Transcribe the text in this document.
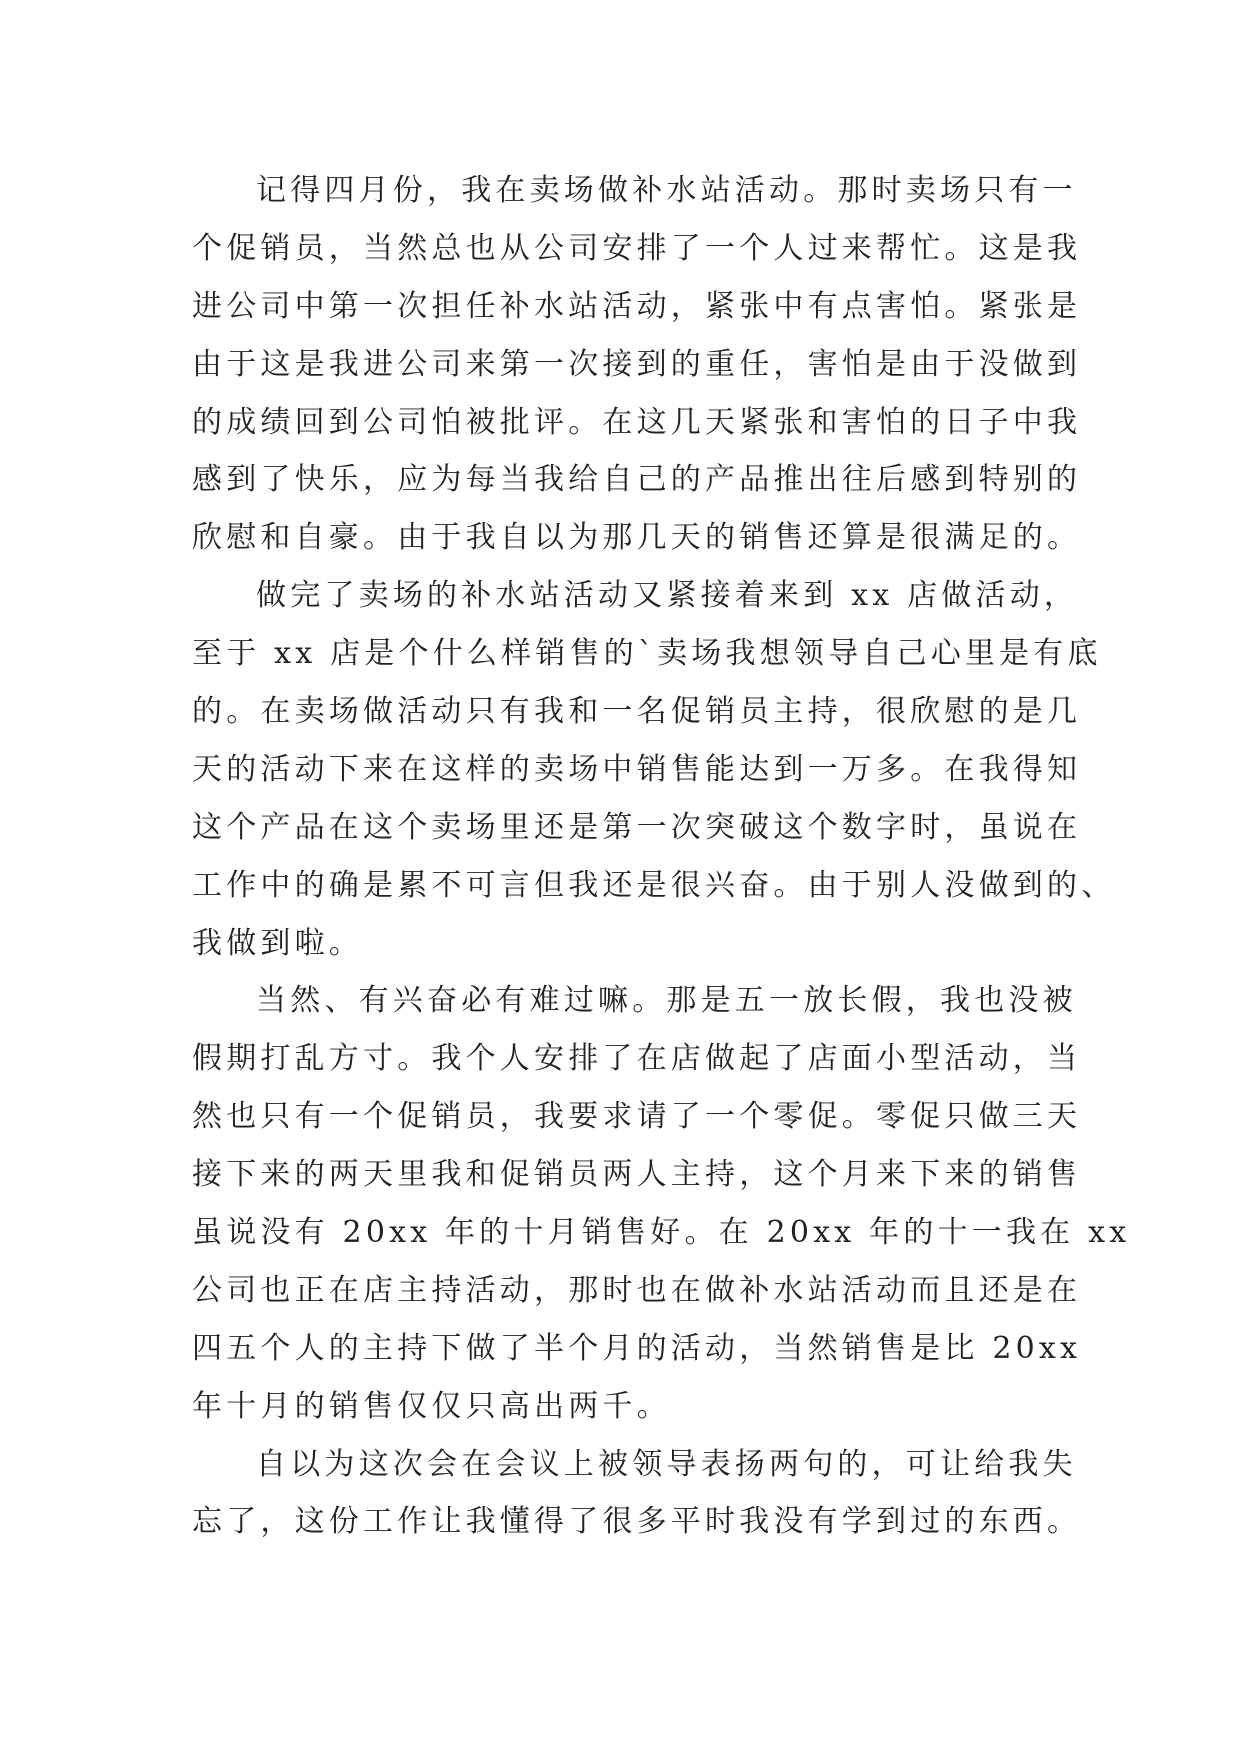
记得四月份，我在卖场做补水站活动。那时卖场只有一
个促销员，当然总也从公司安排了一个人过来帮忙。这是我
进公司中第一次担任补水站活动，紧张中有点害怕。紧张是
由于这是我进公司来第一次接到的重任，害怕是由于没做到
的成绩回到公司怕被批评。在这几天紧张和害怕的日子中我
感到了快乐，应为每当我给自己的产品推出往后感到特别的
欣慰和自豪。由于我自以为那几天的销售还算是很满足的。
做完了卖场的补水站活动又紧接着来到 xx 店做活动，
至于 xx 店是个什么样销售的`卖场我想领导自己心里是有底
的。在卖场做活动只有我和一名促销员主持，很欣慰的是几
天的活动下来在这样的卖场中销售能达到一万多。在我得知
这个产品在这个卖场里还是第一次突破这个数字时，虽说在
工作中的确是累不可言但我还是很兴奋。由于别人没做到的、
我做到啦。
当然、有兴奋必有难过嘛。那是五一放长假，我也没被
假期打乱方寸。我个人安排了在店做起了店面小型活动，当
然也只有一个促销员，我要求请了一个零促。零促只做三天
接下来的两天里我和促销员两人主持，这个月来下来的销售
虽说没有 20xx 年的十月销售好。在 20xx 年的十一我在 xx
公司也正在店主持活动，那时也在做补水站活动而且还是在
四五个人的主持下做了半个月的活动，当然销售是比 20xx
年十月的销售仅仅只高出两千。
自以为这次会在会议上被领导表扬两句的，可让给我失
忘了，这份工作让我懂得了很多平时我没有学到过的东西。
